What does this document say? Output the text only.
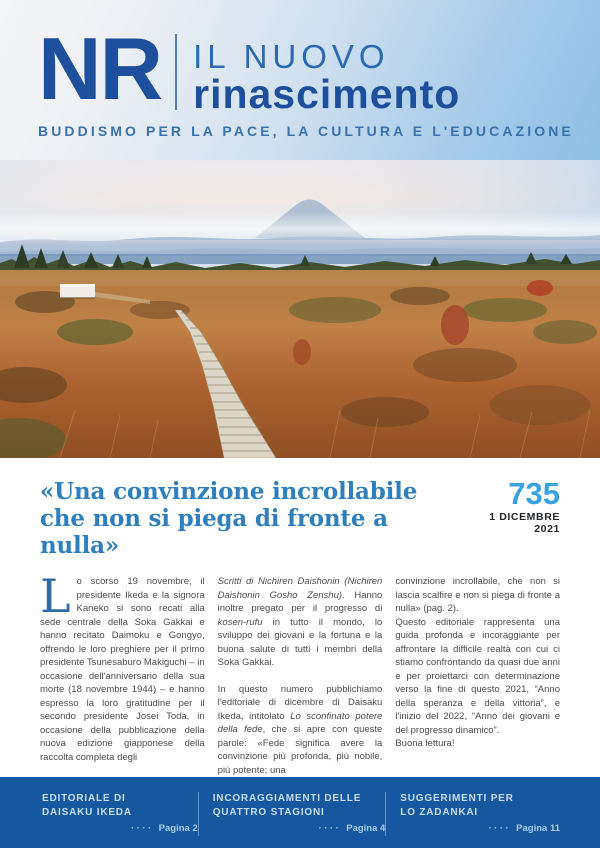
NR IL NUOVO
rinascimento
BUDDISMO PER LA PACE, LA CULTURA E L'EDUCAZIONE
«Una convinzione incrollabile
che non si piega di fronte a nulla»
735
1 DICEMBRE 2021

Lo scorso 19 novembre, il presidente Ikeda e la signora Kaneko si sono recati alla sede centrale della Soka Gakkai e hanno recitato Daimoku e Gongyo, offrendo le loro preghiere per il primo presidente Tsunesaburo Makiguchi – in occasione dell'anniversario della sua morte (18 novembre 1944) – e hanno espresso la loro gratitudine per il secondo presidente Josei Toda, in occasione della pubblicazione della nuova edizione giapponese della raccolta completa degli

Scritti di Nichiren Daishonin (Nichiren Daishonin Gosho Zenshu). Hanno inoltre pregato per il progresso di kosen-rufu in tutto il mondo, lo sviluppo dei giovani e la fortuna e la buona salute di tutti i membri della Soka Gakkai.

In questo numero pubblichiamo l'editoriale di dicembre di Daisaku Ikeda, intitolato Lo sconfinato potere della fede, che si apre con queste parole: «Fede significa avere la convinzione più profonda, più nobile, più potente; una

convinzione incrollabile, che non si lascia scalfire e non si piega di fronte a nulla» (pag. 2).

Questo editoriale rappresenta una guida profonda e incoraggiante per affrontare la difficile realtà con cui ci stiamo confrontando da quasi due anni e per proiettarci con determinazione verso la fine di questo 2021, “Anno della speranza e della vittoria”, e l'inizio del 2022, “Anno dei giovani e del progresso dinamico”.

Buona lettura!

EDITORIALE DI
DAISAKU IKEDA
···· Pagina 2
INCORAGGIAMENTI DELLE
QUATTRO STAGIONI
···· Pagina 4
SUGGERIMENTI PER
LO ZADANKAI
···· Pagina 11
